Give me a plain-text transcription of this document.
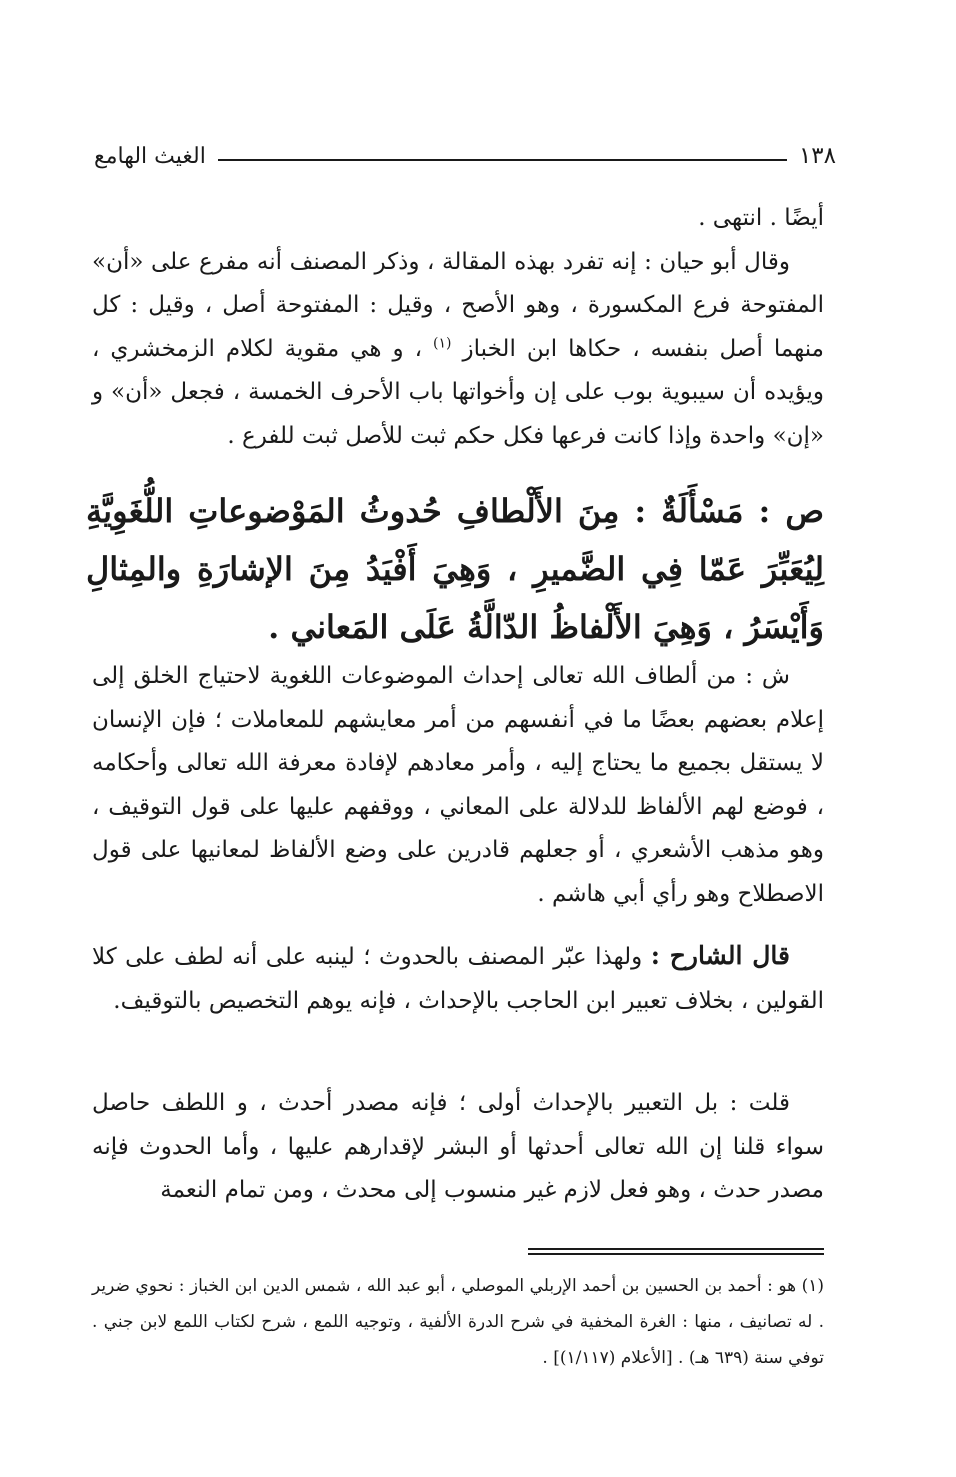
١٣٨
الغيث الهامع

أيضًا . انتهى .

وقال أبو حيان : إنه تفرد بهذه المقالة ، وذكر المصنف أنه مفرع على «أن» المفتوحة فرع المكسورة ، وهو الأصح ، وقيل : المفتوحة أصل ، وقيل : كل منهما أصل بنفسه ، حكاها ابن الخباز $^{(١)}$ ، و هي مقوية لكلام الزمخشري ، ويؤيده أن سيبوية بوب على إن وأخواتها باب الأحرف الخمسة ، فجعل «أن» و «إن» واحدة وإذا كانت فرعها فكل حكم ثبت للأصل ثبت للفرع .

ص : مَسْأَلَةٌ : مِنَ الأَلْطافِ حُدوثُ المَوْضوعاتِ اللُّغَوِيَّةِ لِيُعَبِّرَ عَمّا فِي الضَّميرِ ، وَهِيَ أَفْيَدُ مِنَ الإشارَةِ والمِثالِ وَأَيْسَرُ ، وَهِيَ الأَلْفاظُ الدّالَّةُ عَلَى المَعاني .

ش : من ألطاف الله تعالى إحداث الموضوعات اللغوية لاحتياج الخلق إلى إعلام بعضهم بعضًا ما في أنفسهم من أمر معايشهم للمعاملات ؛ فإن الإنسان لا يستقل بجميع ما يحتاج إليه ، وأمر معادهم لإفادة معرفة الله تعالى وأحكامه ، فوضع لهم الألفاظ للدلالة على المعاني ، ووقفهم عليها على قول التوقيف ، وهو مذهب الأشعري ، أو جعلهم قادرين على وضع الألفاظ لمعانيها على قول الاصطلاح وهو رأي أبي هاشم .

قال الشارح : ولهذا عبّر المصنف بالحدوث ؛ لينبه على أنه لطف على كلا القولين ، بخلاف تعبير ابن الحاجب بالإحداث ، فإنه يوهم التخصيص بالتوقيف.

قلت : بل التعبير بالإحداث أولى ؛ فإنه مصدر أحدث ، و اللطف حاصل سواء قلنا إن الله تعالى أحدثها أو البشر لإقدارهم عليها ، وأما الحدوث فإنه مصدر حدث ، وهو فعل لازم غير منسوب إلى محدث ، ومن تمام النعمة

(١) هو : أحمد بن الحسين بن أحمد الإربلي الموصلي ، أبو عبد الله ، شمس الدين ابن الخباز : نحوي ضرير . له تصانيف ، منها : الغرة المخفية في شرح الدرة الألفية ، وتوجيه اللمع ، شرح لكتاب اللمع لابن جني . توفي سنة (٦٣٩ هـ) . [الأعلام (١/١١٧)] .
